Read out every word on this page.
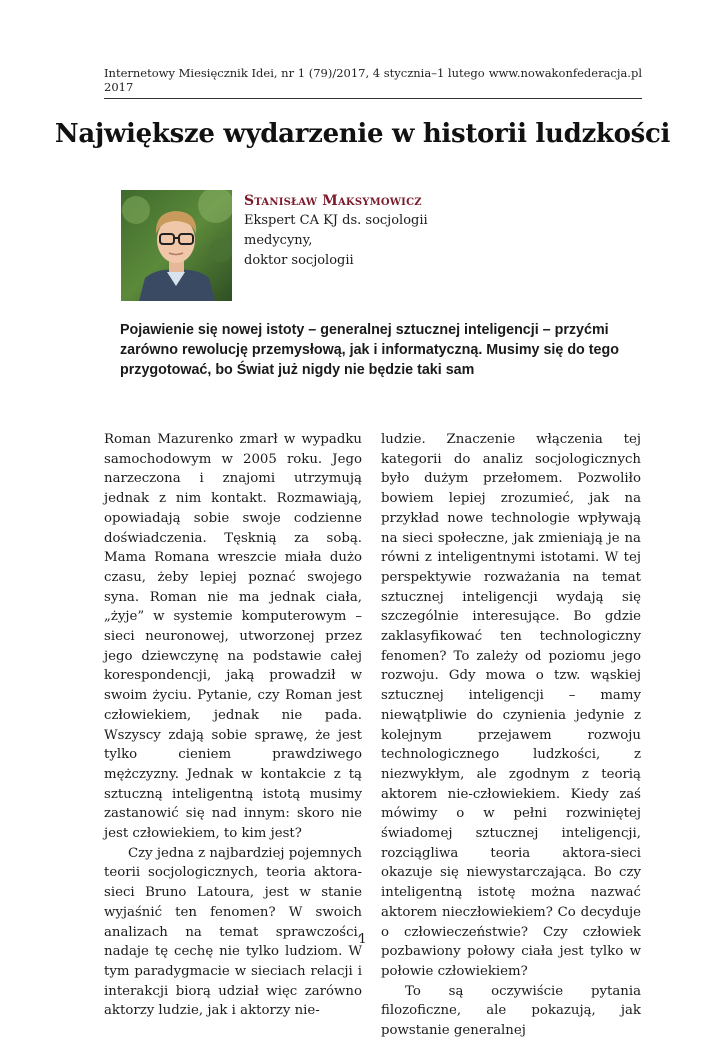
Internetowy Miesięcznik Idei, nr 1 (79)/2017, 4 stycznia–1 lutego 2017
www.nowakonfederacja.pl
Największe wydarzenie w historii ludzkości
Stanisław Maksymowicz
Ekspert CA KJ ds. socjologii medycyny,
doktor socjologii

Pojawienie się nowej istoty – generalnej sztucznej inteligencji – przyćmi zarówno rewolucję przemysłową, jak i informatyczną. Musimy się do tego przygotować, bo Świat już nigdy nie będzie taki sam

Roman Mazurenko zmarł w wypadku samochodowym w 2005 roku. Jego narzeczona i znajomi utrzymują jednak z nim kontakt. Rozmawiają, opowiadają sobie swoje codzienne doświadczenia. Tęsknią za sobą. Mama Romana wreszcie miała dużo czasu, żeby lepiej poznać swojego syna. Roman nie ma jednak ciała, „żyje” w systemie komputerowym – sieci neuronowej, utworzonej przez jego dziewczynę na podstawie całej korespondencji, jaką prowadził w swoim życiu. Pytanie, czy Roman jest człowiekiem, jednak nie pada. Wszyscy zdają sobie sprawę, że jest tylko cieniem prawdziwego mężczyzny. Jednak w kontakcie z tą sztuczną inteligentną istotą musimy zastanowić się nad innym: skoro nie jest człowiekiem, to kim jest?

Czy jedna z najbardziej pojemnych teorii socjologicznych, teoria aktora-sieci Bruno Latoura, jest w stanie wyjaśnić ten fenomen? W swoich analizach na temat sprawczości, nadaje tę cechę nie tylko ludziom. W tym paradygmacie w sieciach relacji i interakcji biorą udział więc zarówno aktorzy ludzie, jak i aktorzy nie-

ludzie. Znaczenie włączenia tej kategorii do analiz socjologicznych było dużym przełomem. Pozwoliło bowiem lepiej zrozumieć, jak na przykład nowe technologie wpływają na sieci społeczne, jak zmieniają je na równi z inteligentnymi istotami. W tej perspektywie rozważania na temat sztucznej inteligencji wydają się szczególnie interesujące. Bo gdzie zaklasyfikować ten technologiczny fenomen? To zależy od poziomu jego rozwoju. Gdy mowa o tzw. wąskiej sztucznej inteligencji – mamy niewątpliwie do czynienia jedynie z kolejnym przejawem rozwoju technologicznego ludzkości, z niezwykłym, ale zgodnym z teorią aktorem nie-człowiekiem. Kiedy zaś mówimy o w pełni rozwiniętej świadomej sztucznej inteligencji, rozciągliwa teoria aktora-sieci okazuje się niewystarczająca. Bo czy inteligentną istotę można nazwać aktorem nieczłowiekiem? Co decyduje o człowieczeństwie? Czy człowiek pozbawiony połowy ciała jest tylko w połowie człowiekiem?

To są oczywiście pytania filozoficzne, ale pokazują, jak powstanie generalnej

1
